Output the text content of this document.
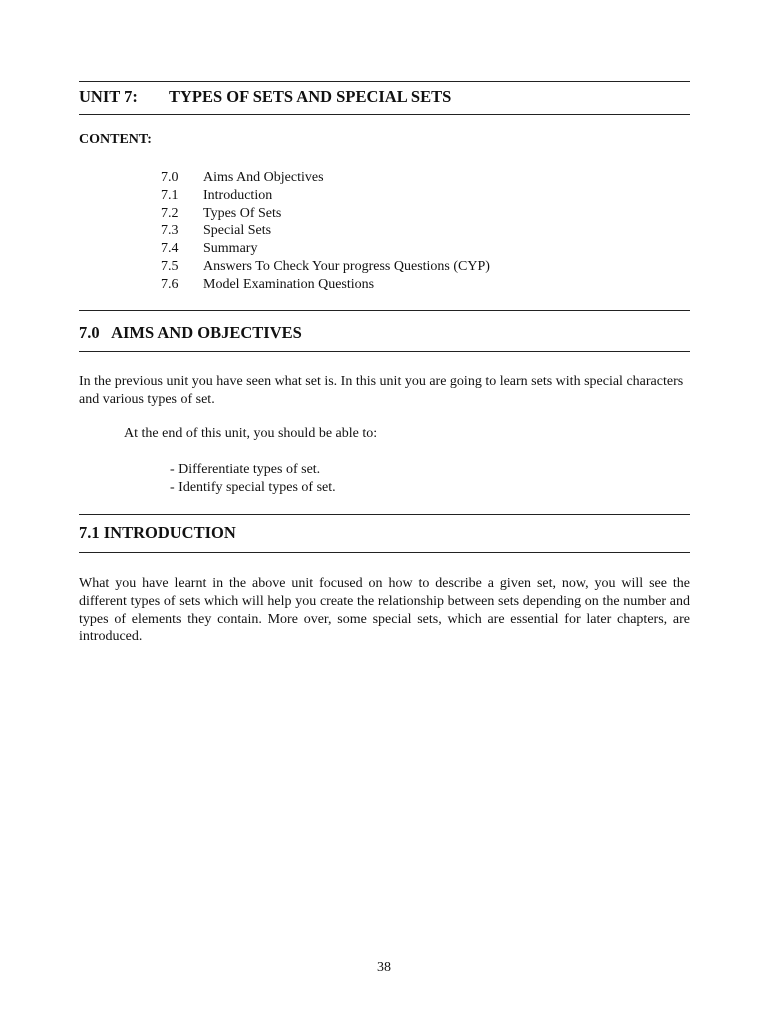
UNIT 7: TYPES OF SETS AND SPECIAL SETS
CONTENT:
7.0 Aims And Objectives
7.1 Introduction
7.2 Types Of Sets
7.3 Special Sets
7.4 Summary
7.5 Answers To Check Your progress Questions (CYP)
7.6 Model Examination Questions
7.0   AIMS AND OBJECTIVES
In the previous unit you have seen what set is. In this unit you are going to learn sets with special characters and various types of set.
At the end of this unit, you should be able to:
- Differentiate types of set.
- Identify special types of set.
7.1 INTRODUCTION
What you have learnt in the above unit focused on how to describe a given set, now, you will see the different types of sets which will help you create the relationship between sets depending on the number and types of elements they contain. More over, some special sets, which are essential for later chapters, are introduced.
38
